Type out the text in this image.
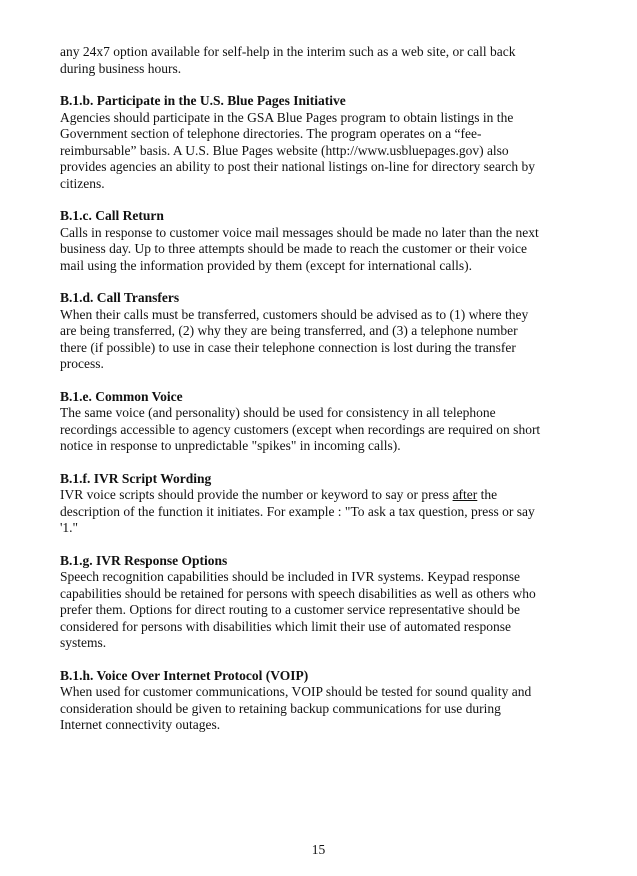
any 24x7 option available for self-help in the interim such as a web site, or call back
during business hours.

B.1.b. Participate in the U.S. Blue Pages Initiative
Agencies should participate in the GSA Blue Pages program to obtain listings in the
Government section of telephone directories. The program operates on a “fee-
reimbursable” basis. A U.S. Blue Pages website (http://www.usbluepages.gov) also
provides agencies an ability to post their national listings on-line for directory search by
citizens.

B.1.c. Call Return
Calls in response to customer voice mail messages should be made no later than the next
business day. Up to three attempts should be made to reach the customer or their voice
mail using the information provided by them (except for international calls).

B.1.d. Call Transfers
When their calls must be transferred, customers should be advised as to (1) where they
are being transferred, (2) why they are being transferred, and (3) a telephone number
there (if possible) to use in case their telephone connection is lost during the transfer
process.

B.1.e. Common Voice
The same voice (and personality) should be used for consistency in all telephone
recordings accessible to agency customers (except when recordings are required on short
notice in response to unpredictable "spikes" in incoming calls).

B.1.f. IVR Script Wording
IVR voice scripts should provide the number or keyword to say or press after the
description of the function it initiates. For example : "To ask a tax question, press or say
'1."

B.1.g. IVR Response Options
Speech recognition capabilities should be included in IVR systems. Keypad response
capabilities should be retained for persons with speech disabilities as well as others who
prefer them. Options for direct routing to a customer service representative should be
considered for persons with disabilities which limit their use of automated response
systems.

B.1.h. Voice Over Internet Protocol (VOIP)
When used for customer communications, VOIP should be tested for sound quality and
consideration should be given to retaining backup communications for use during
Internet connectivity outages.

15
